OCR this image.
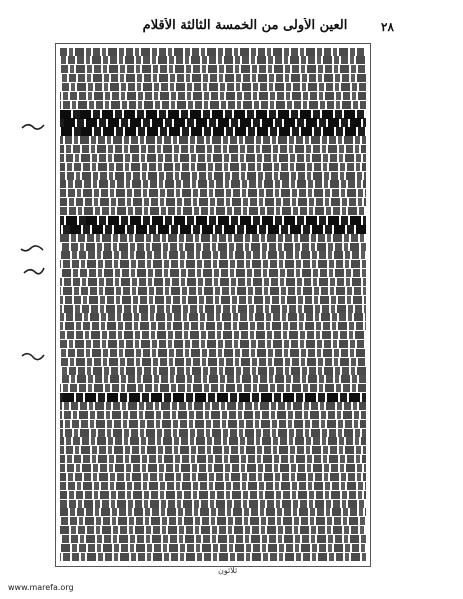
العين الأولى من الخمسة الثالثة الأقلام	٢٨
ثلاثون
www.marefa.org
